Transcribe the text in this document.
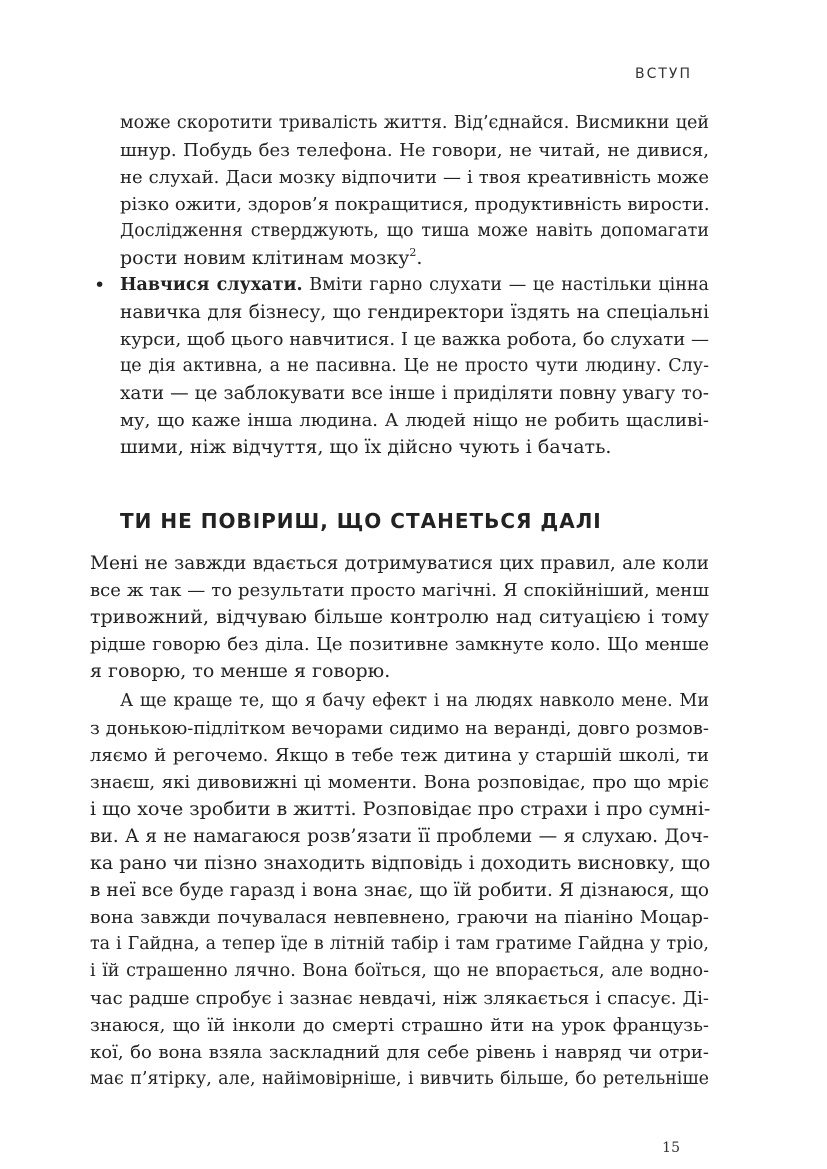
ВСТУП
може скоротити тривалість життя. Від’єднайся. Висмикни цей
шнур. Побудь без телефона. Не говори, не читай, не дивися,
не слухай. Даси мозку відпочити — і твоя креативність може
різко ожити, здоров’я покращитися, продуктивність вирости.
Дослідження стверджують, що тиша може навіть допомагати
рости новим клітинам мозку$^2$.
• Навчися слухати. Вміти гарно слухати — це настільки цінна
навичка для бізнесу, що гендиректори їздять на спеціальні
курси, щоб цього навчитися. І це важка робота, бо слухати —
це дія активна, а не пасивна. Це не просто чути людину. Слу-
хати — це заблокувати все інше і приділяти повну увагу то-
му, що каже інша людина. А людей ніщо не робить щасливі-
шими, ніж відчуття, що їх дійсно чують і бачать.
ТИ НЕ ПОВІРИШ, ЩО СТАНЕТЬСЯ ДАЛІ
Мені не завжди вдається дотримуватися цих правил, але коли
все ж так — то результати просто магічні. Я спокійніший, менш
тривожний, відчуваю більше контролю над ситуацією і тому
рідше говорю без діла. Це позитивне замкнуте коло. Що менше
я говорю, то менше я говорю.
А ще краще те, що я бачу ефект і на людях навколо мене. Ми
з донькою-підлітком вечорами сидимо на веранді, довго розмов-
ляємо й регочемо. Якщо в тебе теж дитина у старшій школі, ти
знаєш, які дивовижні ці моменти. Вона розповідає, про що мріє
і що хоче зробити в житті. Розповідає про страхи і про сумні-
ви. А я не намагаюся розв’язати її проблеми — я слухаю. Доч-
ка рано чи пізно знаходить відповідь і доходить висновку, що
в неї все буде гаразд і вона знає, що їй робити. Я дізнаюся, що
вона завжди почувалася невпевнено, граючи на піаніно Моцар-
та і Гайдна, а тепер їде в літній табір і там гратиме Гайдна у тріо,
і їй страшенно лячно. Вона боїться, що не впорається, але водно-
час радше спробує і зазнає невдачі, ніж злякається і спасує. Ді-
знаюся, що їй інколи до смерті страшно йти на урок французь-
кої, бо вона взяла заскладний для себе рівень і навряд чи отри-
має п’ятірку, але, найімовірніше, і вивчить більше, бо ретельніше
15
